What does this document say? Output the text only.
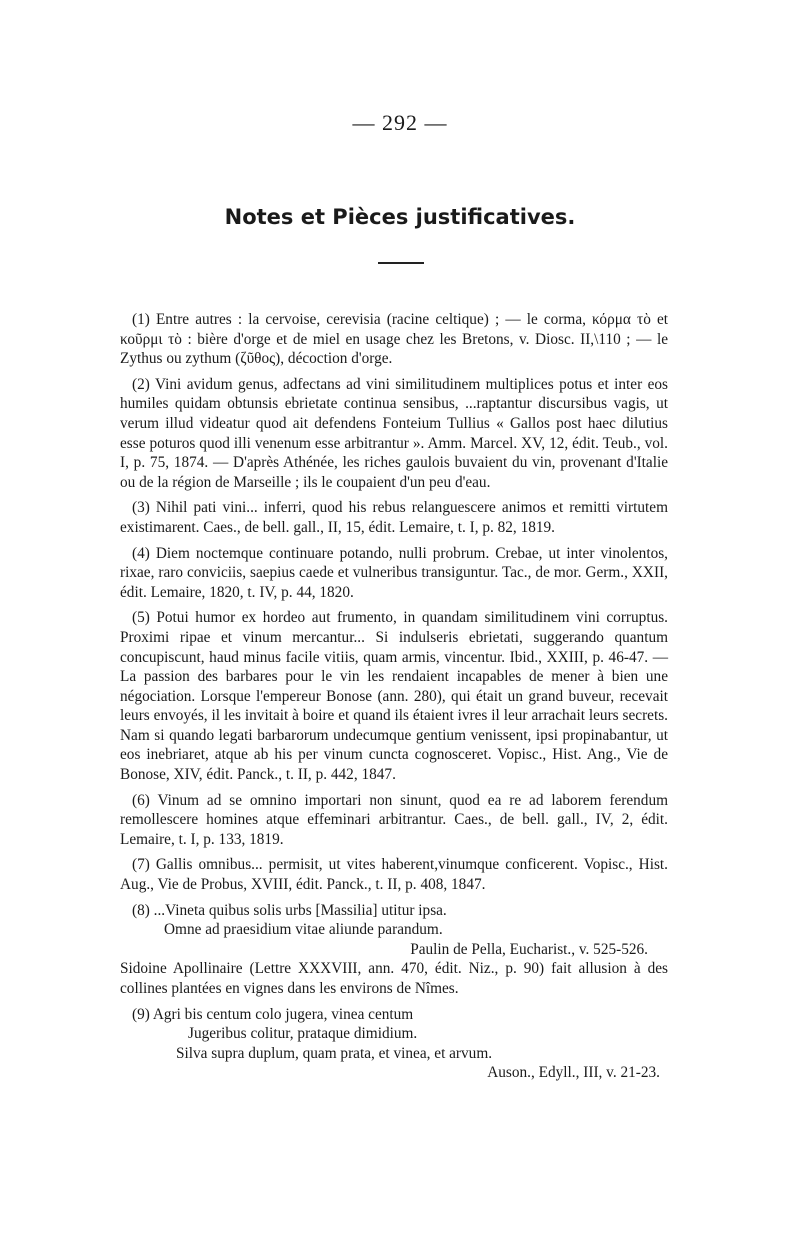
— 292 —
Notes et Pièces justificatives.

(1) Entre autres : la cervoise, cerevisia (racine celtique) ; — le corma, κόρμα τὸ et κοῦρμι τὸ : bière d'orge et de miel en usage chez les Bretons, v. Diosc. II,\110 ; — le Zythus ou zythum (ζῦθος), décoction d'orge.

(2) Vini avidum genus, adfectans ad vini similitudinem multiplices potus et inter eos humiles quidam obtunsis ebrietate continua sensibus, ...raptantur discursibus vagis, ut verum illud videatur quod ait defendens Fonteium Tullius « Gallos post haec dilutius esse poturos quod illi venenum esse arbitrantur ». Amm. Marcel. XV, 12, édit. Teub., vol. I, p. 75, 1874. — D'après Athénée, les riches gaulois buvaient du vin, provenant d'Italie ou de la région de Marseille ; ils le coupaient d'un peu d'eau.

(3) Nihil pati vini... inferri, quod his rebus relanguescere animos et remitti virtutem existimarent. Caes., de bell. gall., II, 15, édit. Lemaire, t. I, p. 82, 1819.

(4) Diem noctemque continuare potando, nulli probrum. Crebae, ut inter vinolentos, rixae, raro conviciis, saepius caede et vulneribus transiguntur. Tac., de mor. Germ., XXII, édit. Lemaire, 1820, t. IV, p. 44, 1820.

(5) Potui humor ex hordeo aut frumento, in quandam similitudinem vini corruptus. Proximi ripae et vinum mercantur... Si indulseris ebrietati, suggerando quantum concupiscunt, haud minus facile vitiis, quam armis, vincentur. Ibid., XXIII, p. 46-47. — La passion des barbares pour le vin les rendaient incapables de mener à bien une négociation. Lorsque l'empereur Bonose (ann. 280), qui était un grand buveur, recevait leurs envoyés, il les invitait à boire et quand ils étaient ivres il leur arrachait leurs secrets. Nam si quando legati barbarorum undecumque gentium venissent, ipsi propinabantur, ut eos inebriaret, atque ab his per vinum cuncta cognosceret. Vopisc., Hist. Ang., Vie de Bonose, XIV, édit. Panck., t. II, p. 442, 1847.

(6) Vinum ad se omnino importari non sinunt, quod ea re ad laborem ferendum remollescere homines atque effeminari arbitrantur. Caes., de bell. gall., IV, 2, édit. Lemaire, t. I, p. 133, 1819.

(7) Gallis omnibus... permisit, ut vites haberent,vinumque conficerent. Vopisc., Hist. Aug., Vie de Probus, XVIII, édit. Panck., t. II, p. 408, 1847.

(8) ...Vineta quibus solis urbs [Massilia] utitur ipsa.
Omne ad praesidium vitae aliunde parandum.
Paulin de Pella, Eucharist., v. 525-526.
Sidoine Apollinaire (Lettre XXXVIII, ann. 470, édit. Niz., p. 90) fait allusion à des collines plantées en vignes dans les environs de Nîmes.
(9) Agri bis centum colo jugera, vinea centum
Jugeribus colitur, prataque dimidium.
Silva supra duplum, quam prata, et vinea, et arvum.
Auson., Edyll., III, v. 21-23.
